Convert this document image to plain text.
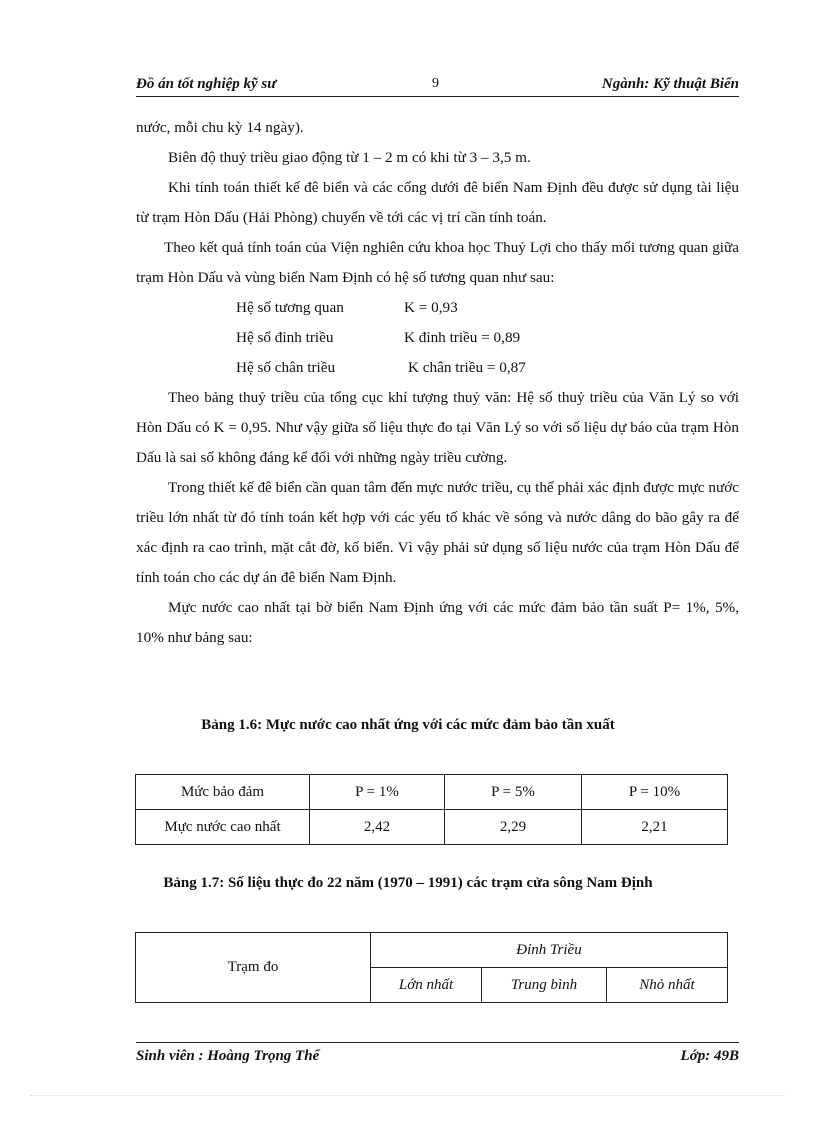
Đồ án tốt nghiệp kỹ sư	9	Ngành: Kỹ thuật Biển

nước, mỗi chu kỳ 14 ngày).

Biên độ thuỷ triều giao động từ 1 – 2 m có khi từ 3 – 3,5 m.

Khi tính toán thiết kế đê biển và các cống dưới đê biển Nam Định đều được sử dụng tài liệu từ trạm Hòn Dấu (Hải Phòng) chuyển về tới các vị trí cần tính toán.

Theo kết quả tính toán của Viện nghiên cứu khoa học Thuỷ Lợi cho thấy mối tương quan giữa trạm Hòn Dấu và vùng biển Nam Định có hệ số tương quan như sau:

Hệ số tương quan	K = 0,93
Hệ số đỉnh triều	K đỉnh triều = 0,89
Hệ số chân triều	K chân triều = 0,87

Theo bảng thuỷ triều của tổng cục khí tượng thuỷ văn: Hệ số thuỷ triều của Văn Lý so với Hòn Dấu có K = 0,95. Như vậy giữa số liệu thực đo tại Văn Lý so với số liệu dự báo của trạm Hòn Dấu là sai số không đáng kể đối với những ngày triều cường.

Trong thiết kế đê biển cần quan tâm đến mực nước triều, cụ thể phải xác định được mực nước triều lớn nhất từ đó tính toán kết hợp với các yếu tố khác về sóng và nước dâng do bão gây ra để xác định ra cao trình, mặt cắt đờ, kố biển. Vì vậy phải sử dụng số liệu nước của trạm Hòn Dấu để tính toán cho các dự án đê biển Nam Định.

Mực nước cao nhất tại bờ biển Nam Định ứng với các mức đảm bảo tần suất P= 1%, 5%, 10% như bảng sau:

Bảng 1.6: Mực nước cao nhất ứng với các mức đảm bảo tần xuất
Mức bảo đảm	P = 1%	P = 5%	P = 10%
Mực nước cao nhất	2,42	2,29	2,21
Bảng 1.7: Số liệu thực đo 22 năm (1970 – 1991) các trạm cửa sông Nam Định
Trạm đo	Đỉnh Triều		
	Lớn nhất	Trung bình	Nhỏ nhất
Sinh viên : Hoàng Trọng Thể	Lớp: 49B
